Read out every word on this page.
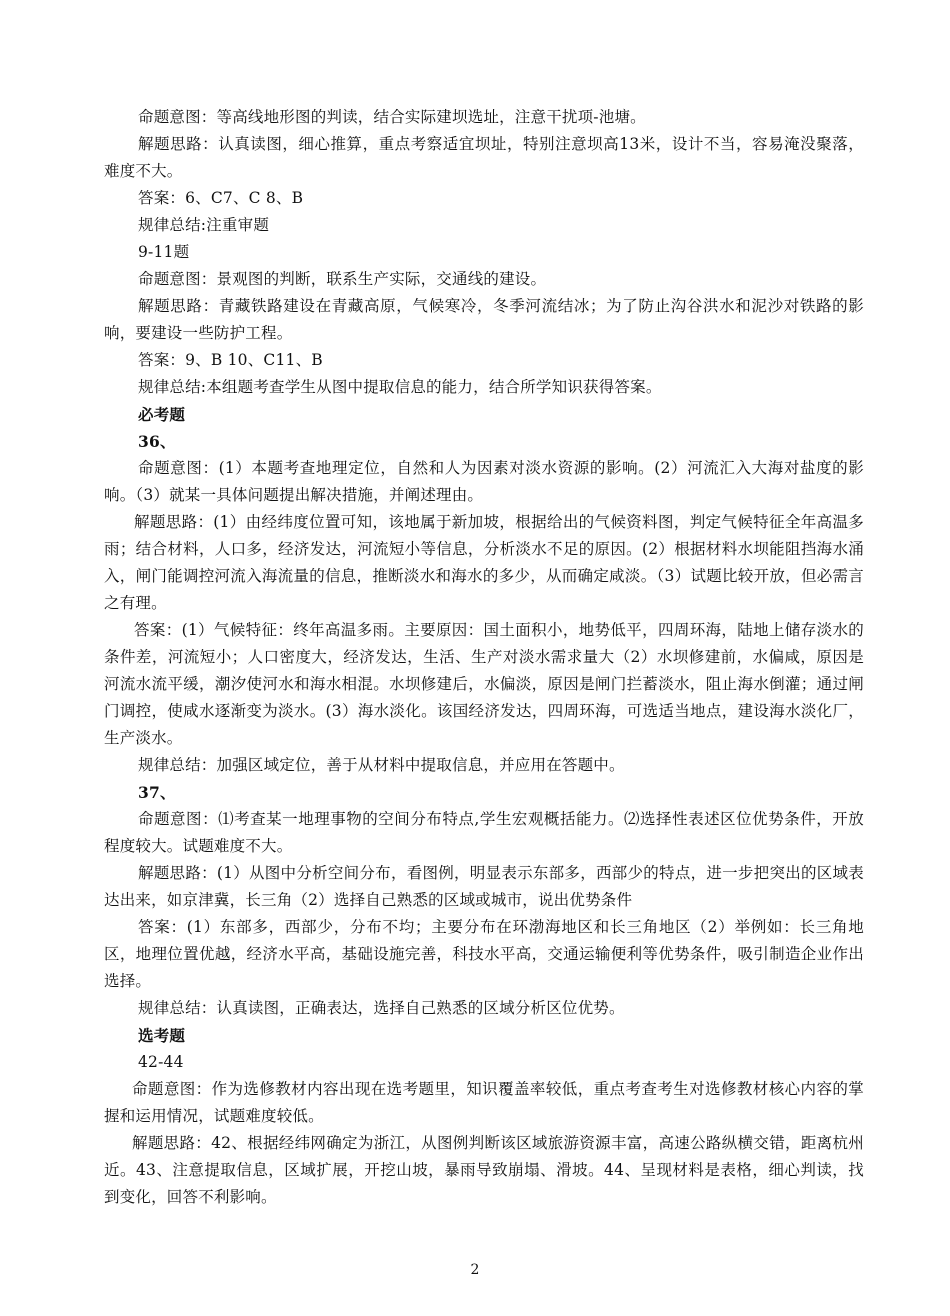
命题意图：等高线地形图的判读，结合实际建坝选址，注意干扰项-池塘。

解题思路：认真读图，细心推算，重点考察适宜坝址，特别注意坝高13米，设计不当，容易淹没聚落，难度不大。

答案：6、C7、C 8、B

规律总结:注重审题

9-11题

命题意图：景观图的判断，联系生产实际，交通线的建设。

解题思路：青藏铁路建设在青藏高原，气候寒冷，冬季河流结冰；为了防止沟谷洪水和泥沙对铁路的影响，要建设一些防护工程。

答案：9、B 10、C11、B

规律总结:本组题考查学生从图中提取信息的能力，结合所学知识获得答案。

必考题

36、

命题意图：(1）本题考查地理定位，自然和人为因素对淡水资源的影响。(2）河流汇入大海对盐度的影响。（3）就某一具体问题提出解决措施，并阐述理由。

解题思路：(1）由经纬度位置可知，该地属于新加坡，根据给出的气候资料图，判定气候特征全年高温多雨；结合材料，人口多，经济发达，河流短小等信息，分析淡水不足的原因。(2）根据材料水坝能阻挡海水涌入，闸门能调控河流入海流量的信息，推断淡水和海水的多少，从而确定咸淡。（3）试题比较开放，但必需言之有理。

答案：(1）气候特征：终年高温多雨。主要原因：国土面积小，地势低平，四周环海，陆地上储存淡水的条件差，河流短小；人口密度大，经济发达，生活、生产对淡水需求量大（2）水坝修建前，水偏咸，原因是河流水流平缓，潮汐使河水和海水相混。水坝修建后，水偏淡，原因是闸门拦蓄淡水，阻止海水倒灌；通过闸门调控，使咸水逐渐变为淡水。(3）海水淡化。该国经济发达，四周环海，可选适当地点，建设海水淡化厂，生产淡水。

规律总结：加强区域定位，善于从材料中提取信息，并应用在答题中。

37、

命题意图：⑴考查某一地理事物的空间分布特点,学生宏观概括能力。⑵选择性表述区位优势条件，开放程度较大。试题难度不大。

解题思路：(1）从图中分析空间分布，看图例，明显表示东部多，西部少的特点，进一步把突出的区域表达出来，如京津冀，长三角（2）选择自己熟悉的区域或城市，说出优势条件

答案：(1）东部多，西部少，分布不均；主要分布在环渤海地区和长三角地区（2）举例如：长三角地区，地理位置优越，经济水平高，基础设施完善，科技水平高，交通运输便利等优势条件，吸引制造企业作出选择。

规律总结：认真读图，正确表达，选择自己熟悉的区域分析区位优势。

选考题

42-44

命题意图：作为选修教材内容出现在选考题里，知识覆盖率较低，重点考查考生对选修教材核心内容的掌握和运用情况，试题难度较低。

解题思路：42、根据经纬网确定为浙江，从图例判断该区域旅游资源丰富，高速公路纵横交错，距离杭州近。43、注意提取信息，区域扩展，开挖山坡，暴雨导致崩塌、滑坡。44、呈现材料是表格，细心判读，找到变化，回答不利影响。

2
